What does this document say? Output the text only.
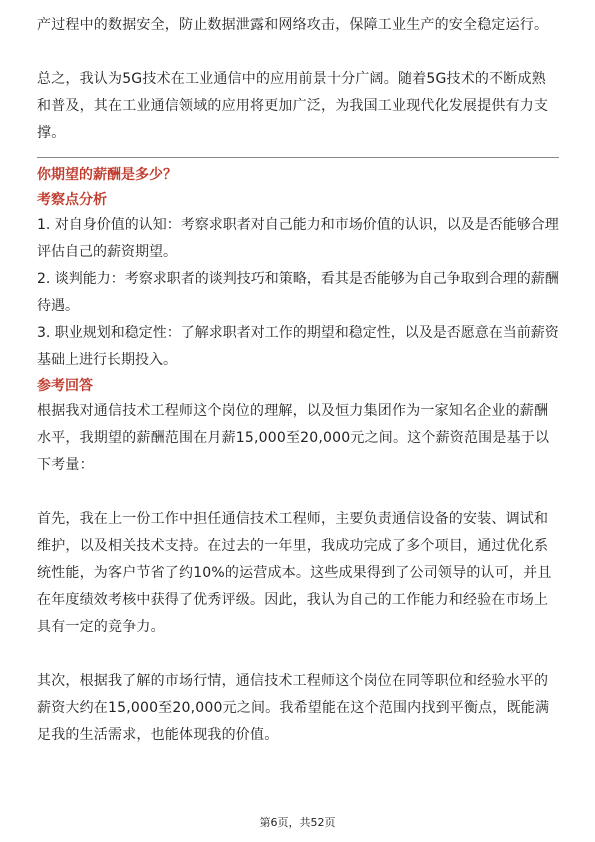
产过程中的数据安全，防止数据泄露和网络攻击，保障工业生产的安全稳定运行。

总之，我认为5G技术在工业通信中的应用前景十分广阔。随着5G技术的不断成熟和普及，其在工业通信领域的应用将更加广泛，为我国工业现代化发展提供有力支撑。

你期望的薪酬是多少？

考察点分析

1. 对自身价值的认知：考察求职者对自己能力和市场价值的认识，以及是否能够合理评估自己的薪资期望。

2. 谈判能力：考察求职者的谈判技巧和策略，看其是否能够为自己争取到合理的薪酬待遇。

3. 职业规划和稳定性：了解求职者对工作的期望和稳定性，以及是否愿意在当前薪资基础上进行长期投入。

参考回答

根据我对通信技术工程师这个岗位的理解，以及恒力集团作为一家知名企业的薪酬水平，我期望的薪酬范围在月薪15,000至20,000元之间。这个薪资范围是基于以下考量：

首先，我在上一份工作中担任通信技术工程师，主要负责通信设备的安装、调试和维护，以及相关技术支持。在过去的一年里，我成功完成了多个项目，通过优化系统性能，为客户节省了约10%的运营成本。这些成果得到了公司领导的认可，并且在年度绩效考核中获得了优秀评级。因此，我认为自己的工作能力和经验在市场上具有一定的竞争力。

其次，根据我了解的市场行情，通信技术工程师这个岗位在同等职位和经验水平的薪资大约在15,000至20,000元之间。我希望能在这个范围内找到平衡点，既能满足我的生活需求，也能体现我的价值。

第6页，共52页
